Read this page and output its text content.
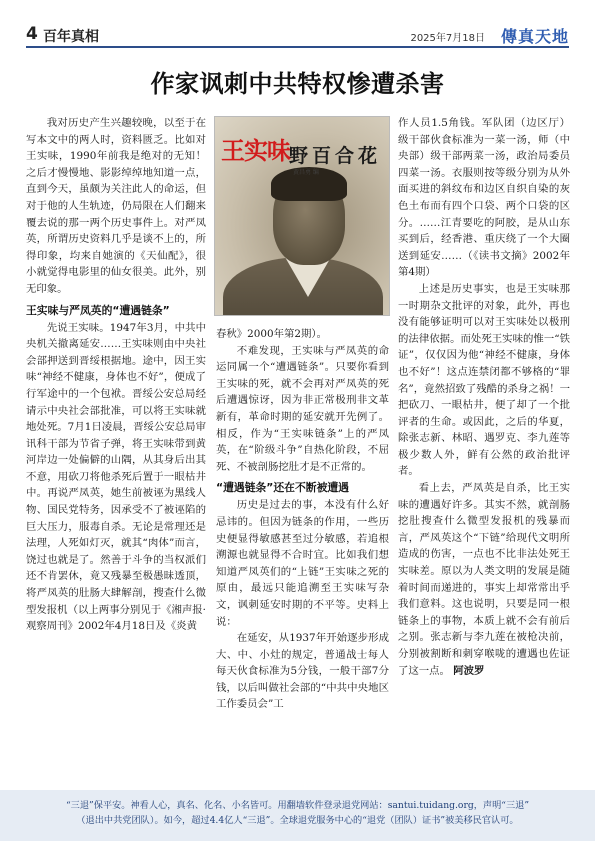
4 百年真相	2025年7月18日 傳真天地
作家讽刺中共特权惨遭杀害

我对历史产生兴趣较晚，以至于在写本文中的两人时，资料匮乏。比如对王实味，1990年前我是绝对的无知！之后才慢慢地、影影绰绰地知道一点，直到今天，虽颇为关注此人的命运，但对于他的人生轨迹，仍局限在人们翻来覆去说的那一两个历史事件上。对严凤英，所谓历史资料几乎是谈不上的，所得印象，均来自她演的《天仙配》，很小就觉得电影里的仙女很美。此外，别无印象。

王实味与严凤英的“遭遇链条”

先说王实味。1947年3月，中共中央机关撤离延安……王实味则由中央社会部押送到晋绥根据地。途中，因王实味“神经不健康，身体也不好”，便成了行军途中的一个包袱。晋绥公安总局经请示中央社会部批准，可以将王实味就地处死。7月1日凌晨，晋绥公安总局审讯科干部为节省子弹，将王实味带到黄河岸边一处偏僻的山隅，从其身后出其不意，用砍刀将他杀死后置于一眼枯井中。再说严凤英，她生前被诬为黑线人物、国民党特务，因承受不了被诬陷的巨大压力，服毒自杀。无论是常理还是法理，人死如灯灭，就其“肉体”而言，饶过也就是了。然善于斗争的当权派们还不肯罢休，竟又残暴至极愚昧透顶，将严凤英的肚肠大肆解剖，搜查什么微型发报机（以上两事分别见于《湘声报·观察周刊》2002年4月18日及《炎黄

王实味 野百合花
黄昌勇 编

春秋》2000年第2期）。

不难发现，王实味与严凤英的命运同属一个“遭遇链条”。只要你看到王实味的死，就不会再对严凤英的死后遭遇惊讶，因为非正常极刑非文革新有，革命时期的延安就开先例了。相反，作为“王实味链条”上的严凤英，在“阶级斗争”自热化阶段，不屈死、不被剖肠挖肚才是不正常的。

“遭遇链条”还在不断被遭遇

历史是过去的事，本没有什么好忌讳的。但因为链条的作用，一些历史便显得敏感甚至过分敏感，若追根溯源也就显得不合时宜。比如我们想知道严凤英们的“上链”王实味之死的原由，最远只能追溯至王实味写杂文，讽刺延安时期的不平等。史料上说：

在延安，从1937年开始逐步形成大、中、小灶的规定，普通战士每人每天伙食标准为5分钱，一般干部7分钱，以后叫做社会部的“中共中央地区工作委员会”工

作人员1.5角钱。军队团（边区厅）级干部伙食标准为一菜一汤，师（中央部）级干部两菜一汤，政治局委员四菜一汤。衣服则按等级分别为从外面买进的斜纹布和边区自织自染的灰色土布而有四个口袋、两个口袋的区分。……江青要吃的阿胶，是从山东买到后，经香港、重庆绕了一个大圈送到延安……（《读书文摘》2002年第4期）

上述是历史事实，也是王实味那一时期杂文批评的对象，此外，再也没有能够证明可以对王实味处以极刑的法律依据。而处死王实味的惟一“铁证”，仅仅因为他“神经不健康，身体也不好”！这点连禁闭都不够格的“罪名”，竟然招致了残酷的杀身之祸！一把砍刀、一眼枯井，便了却了一个批评者的生命。或因此，之后的华夏，除张志新、林昭、遇罗克、李九莲等极少数人外，鲜有公然的政治批评者。

看上去，严凤英是自杀，比王实味的遭遇好许多。其实不然，就剖肠挖肚搜查什么微型发报机的残暴而言，严凤英这个“下链”给现代文明所造成的伤害，一点也不比非法处死王实味差。原以为人类文明的发展是随着时间而递进的，事实上却常常出乎我们意料。这也说明，只要是同一根链条上的事物，本质上就不会有前后之别。张志新与李九莲在被枪决前，分别被割断和刺穿喉咙的遭遇也佐证了这一点。 阿波罗

“三退”保平安。神看人心，真名、化名、小名皆可。用翻墙软件登录退党网站：santui.tuidang.org，声明“三退”
（退出中共党团队）。如今，超过4.4亿人“三退”。全球退党服务中心的“退党（团队）证书”被美移民官认可。
